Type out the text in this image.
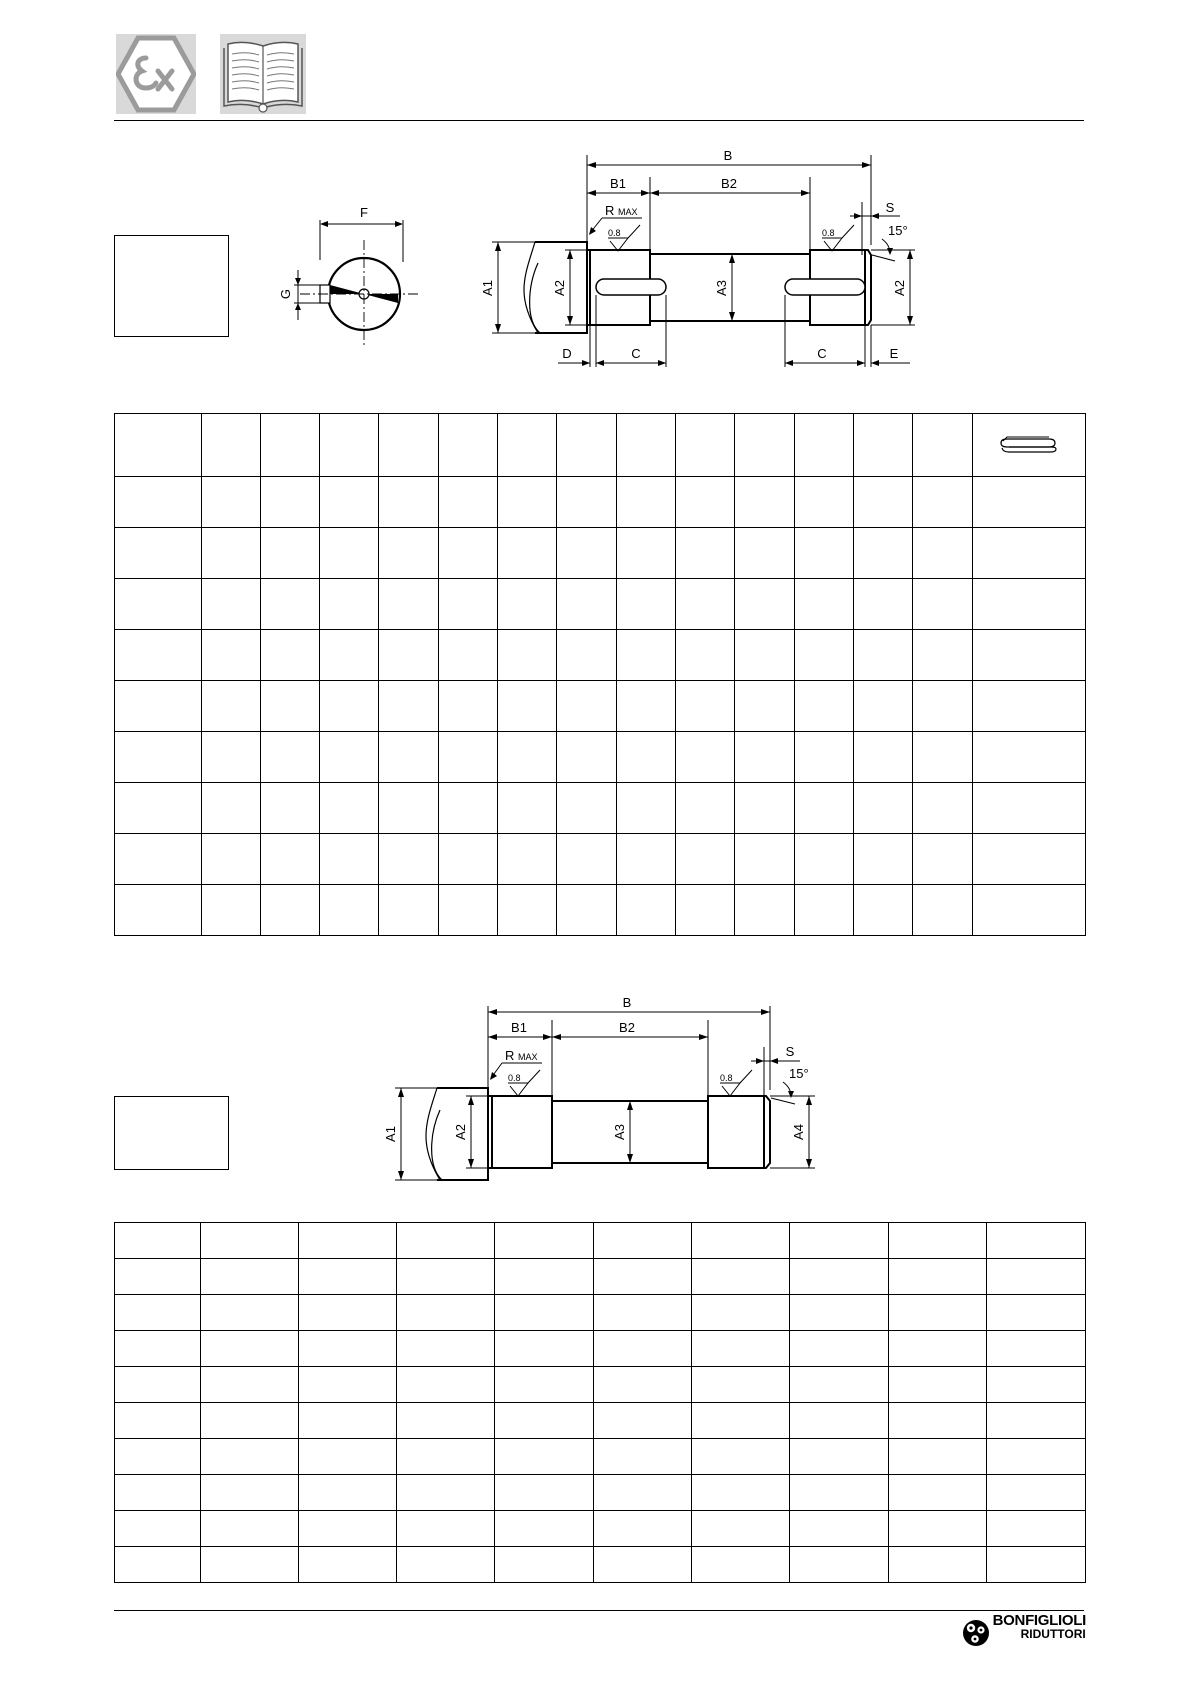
F
G
B
B1	B2
R MAX
0.8	0.8
S
15°
A1	A2	A3	A2
D	C	C	E

B
B1	B2
R MAX
0.8	0.8
S
15°
A1	A2	A3	A4

BONFIGLIOLI
RIDUTTORI
